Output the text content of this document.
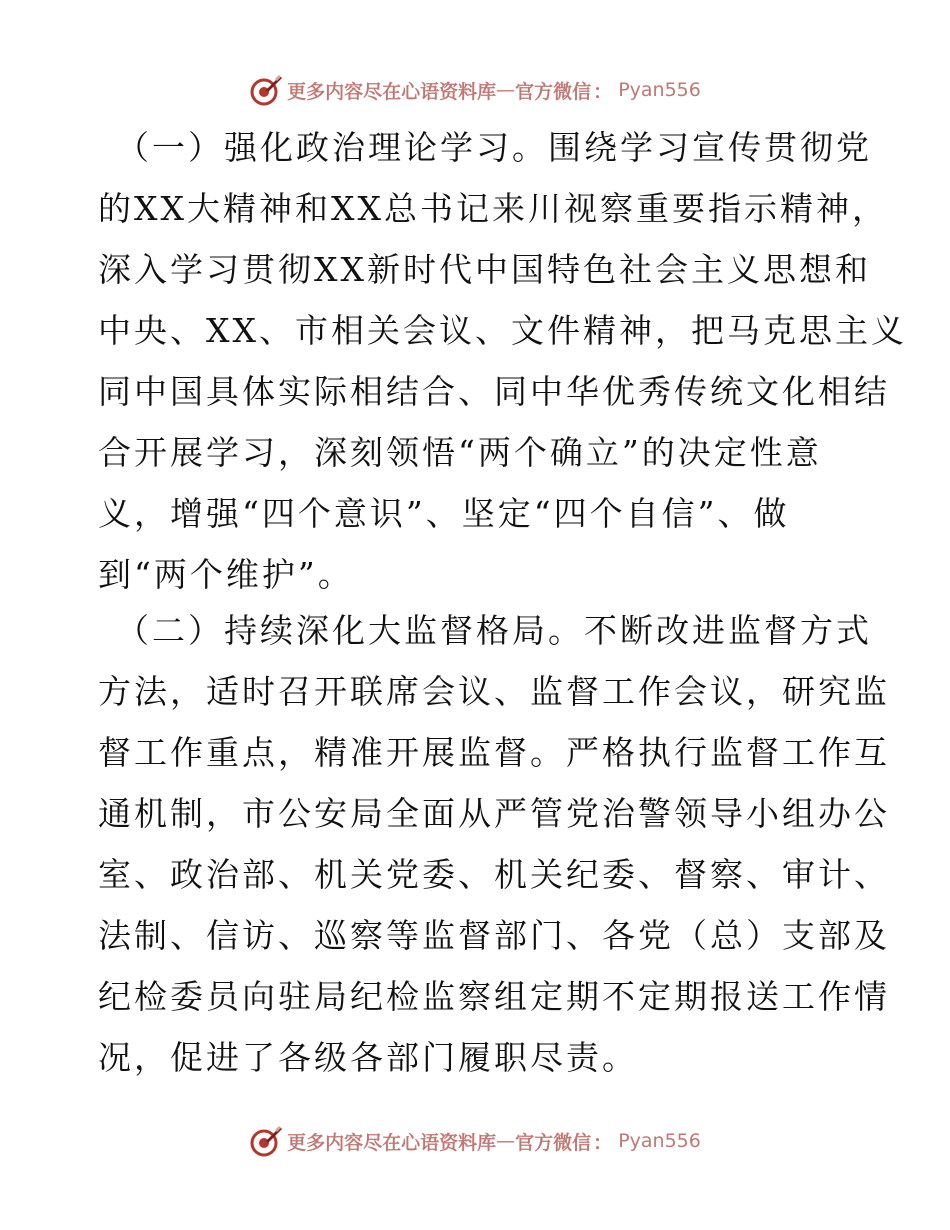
更多内容尽在心语资料库 — 官方微信 ： Pyan556

（一）强化政治理论学习。围绕学习宣传贯彻党
的XX大精神和XX总书记来川视察重要指示精神，
深入学习贯彻XX新时代中国特色社会主义思想和
中央、XX、市相关会议、文件精神，把马克思主义
同中国具体实际相结合、同中华优秀传统文化相结
合开展学习，深刻领悟“两个确立”的决定性意
义，增强“四个意识”、坚定“四个自信”、做
到“两个维护”。

（二）持续深化大监督格局。不断改进监督方式
方法，适时召开联席会议、监督工作会议，研究监
督工作重点，精准开展监督。严格执行监督工作互
通机制，市公安局全面从严管党治警领导小组办公
室、政治部、机关党委、机关纪委、督察、审计、
法制、信访、巡察等监督部门、各党（总）支部及
纪检委员向驻局纪检监察组定期不定期报送工作情
况，促进了各级各部门履职尽责。

更多内容尽在心语资料库 — 官方微信 ： Pyan556
